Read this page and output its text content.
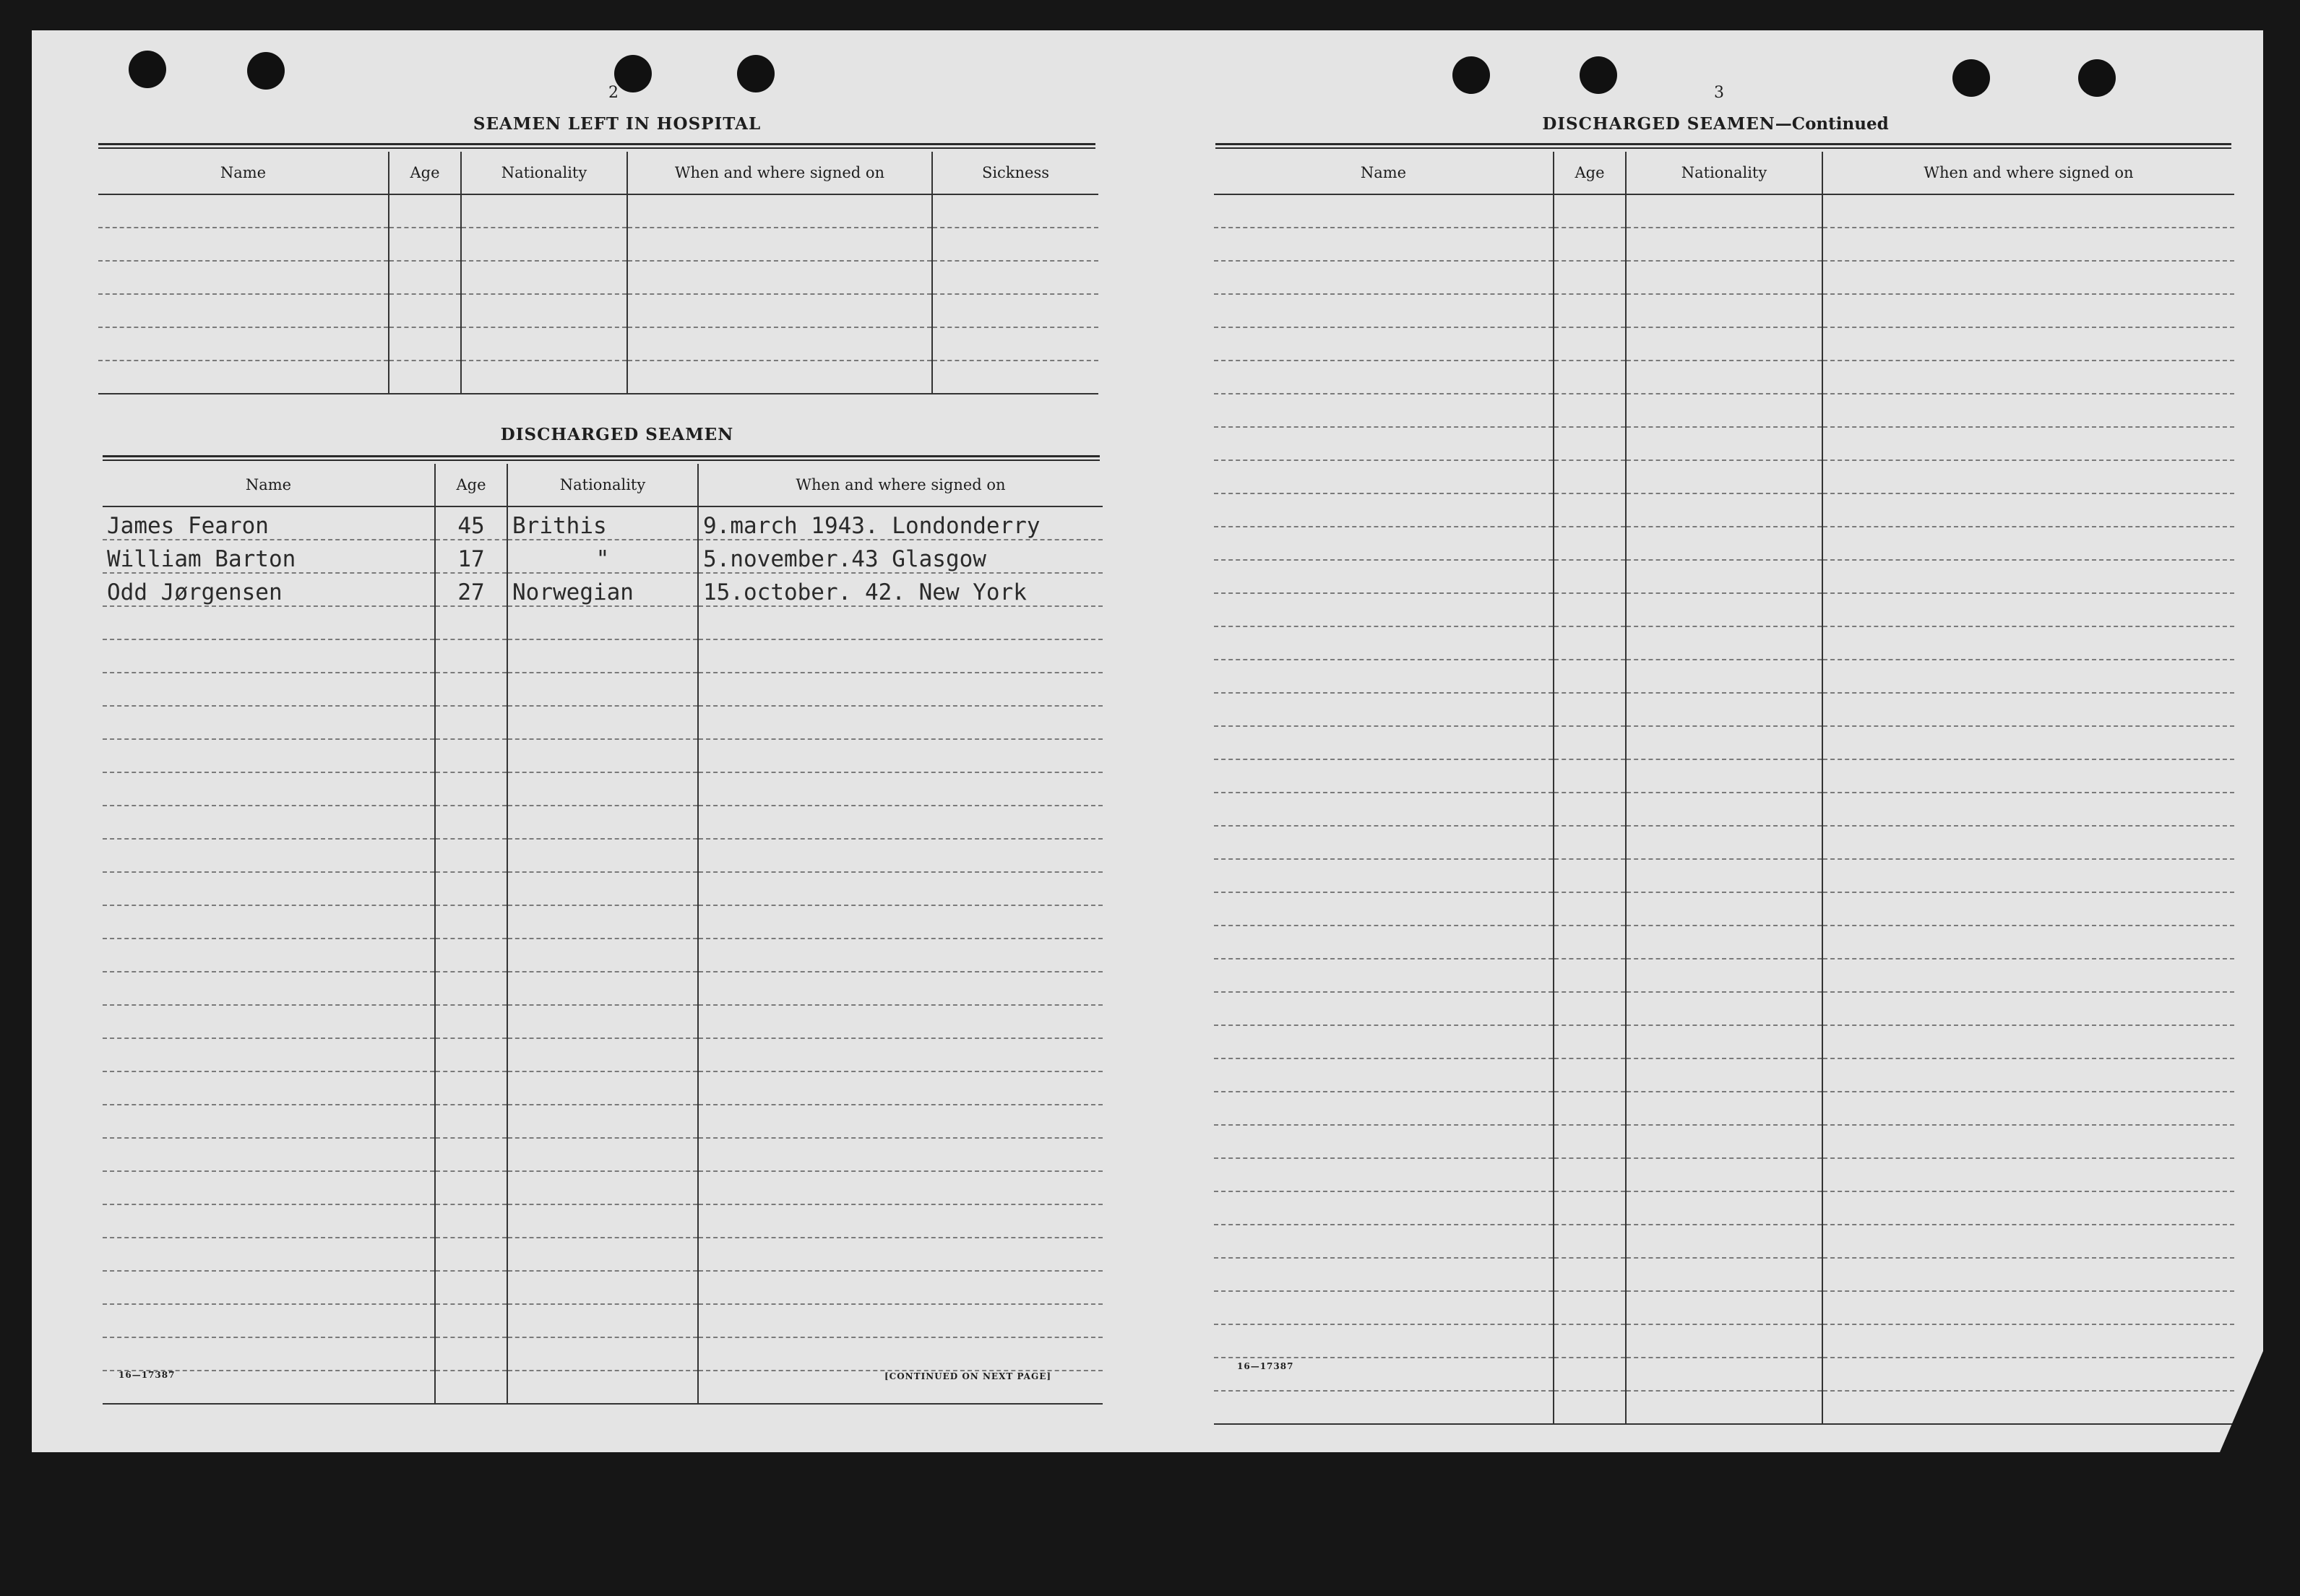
2
SEAMEN LEFT IN HOSPITAL
Name	Age	Nationality	When and where signed on	Sickness

DISCHARGED SEAMEN
Name	Age	Nationality	When and where signed on
James Fearon	45	Brithis	9.march 1943. Londonderry
William Barton	17	"	5.november.43 Glasgow
Odd Jørgensen	27	Norwegian	15.october. 42. New York

16—17387	[CONTINUED ON NEXT PAGE]
3
DISCHARGED SEAMEN—Continued
Name	Age	Nationality	When and where signed on

16—17387
